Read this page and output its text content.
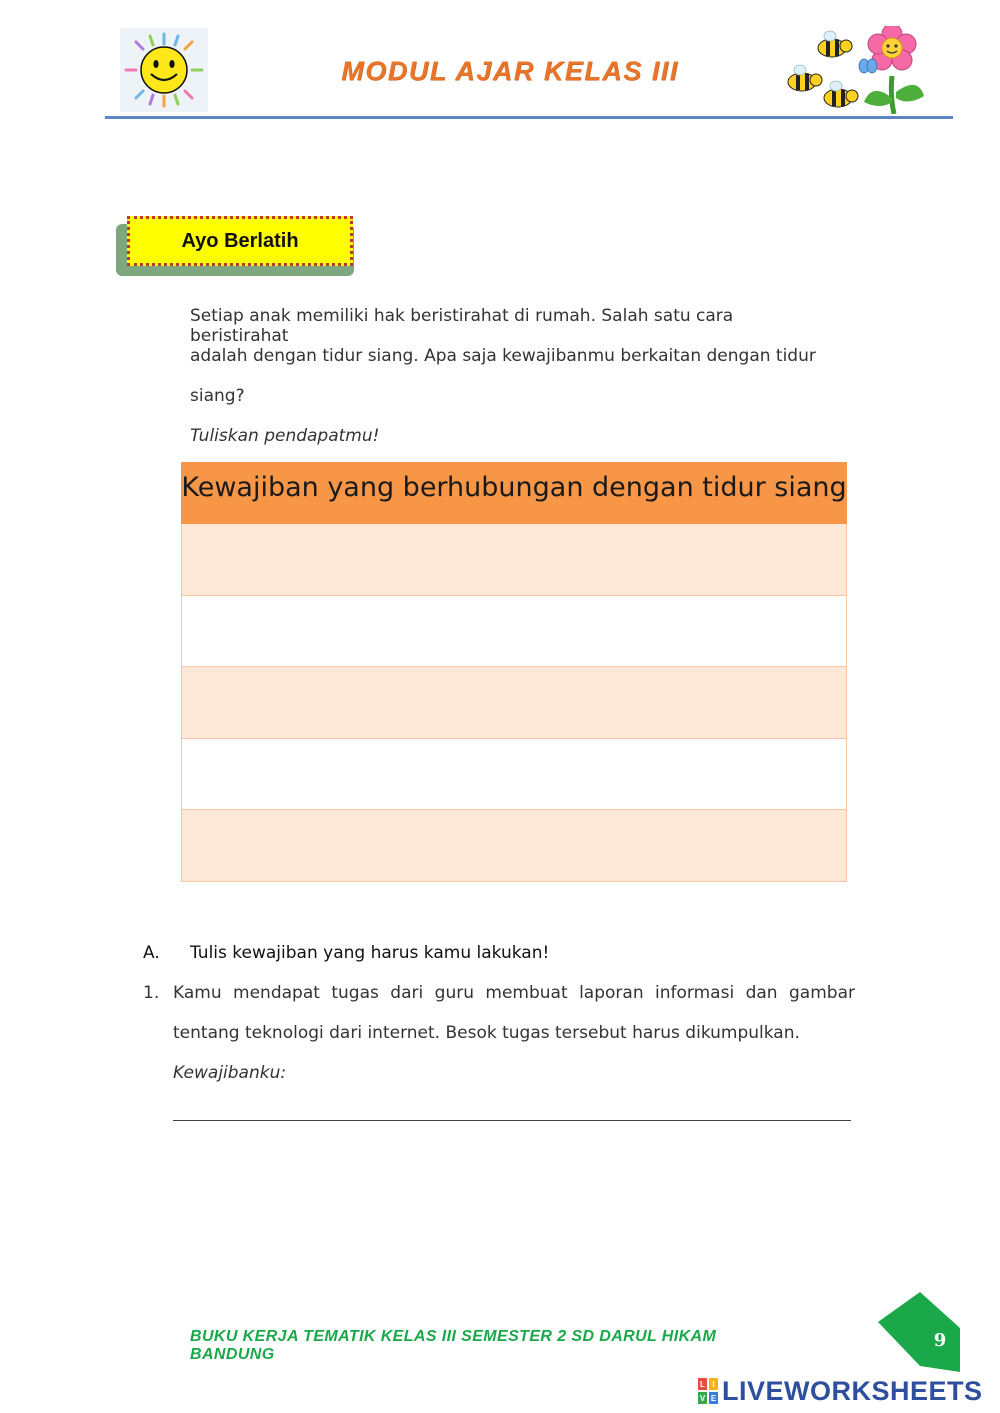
MODUL AJAR KELAS III
Ayo Berlatih
Setiap anak memiliki hak beristirahat di rumah. Salah satu cara beristirahat
adalah dengan tidur siang. Apa saja kewajibanmu berkaitan dengan tidur
siang?
Tuliskan pendapatmu!
Kewajiban yang berhubungan dengan tidur siang
A. Tulis kewajiban yang harus kamu lakukan!
1. Kamu mendapat tugas dari guru membuat laporan informasi dan gambar
tentang teknologi dari internet. Besok tugas tersebut harus dikumpulkan.
Kewajibanku:
BUKU KERJA TEMATIK KELAS III SEMESTER 2 SD DARUL HIKAM BANDUNG
9
L I
V E LIVEWORKSHEETS
